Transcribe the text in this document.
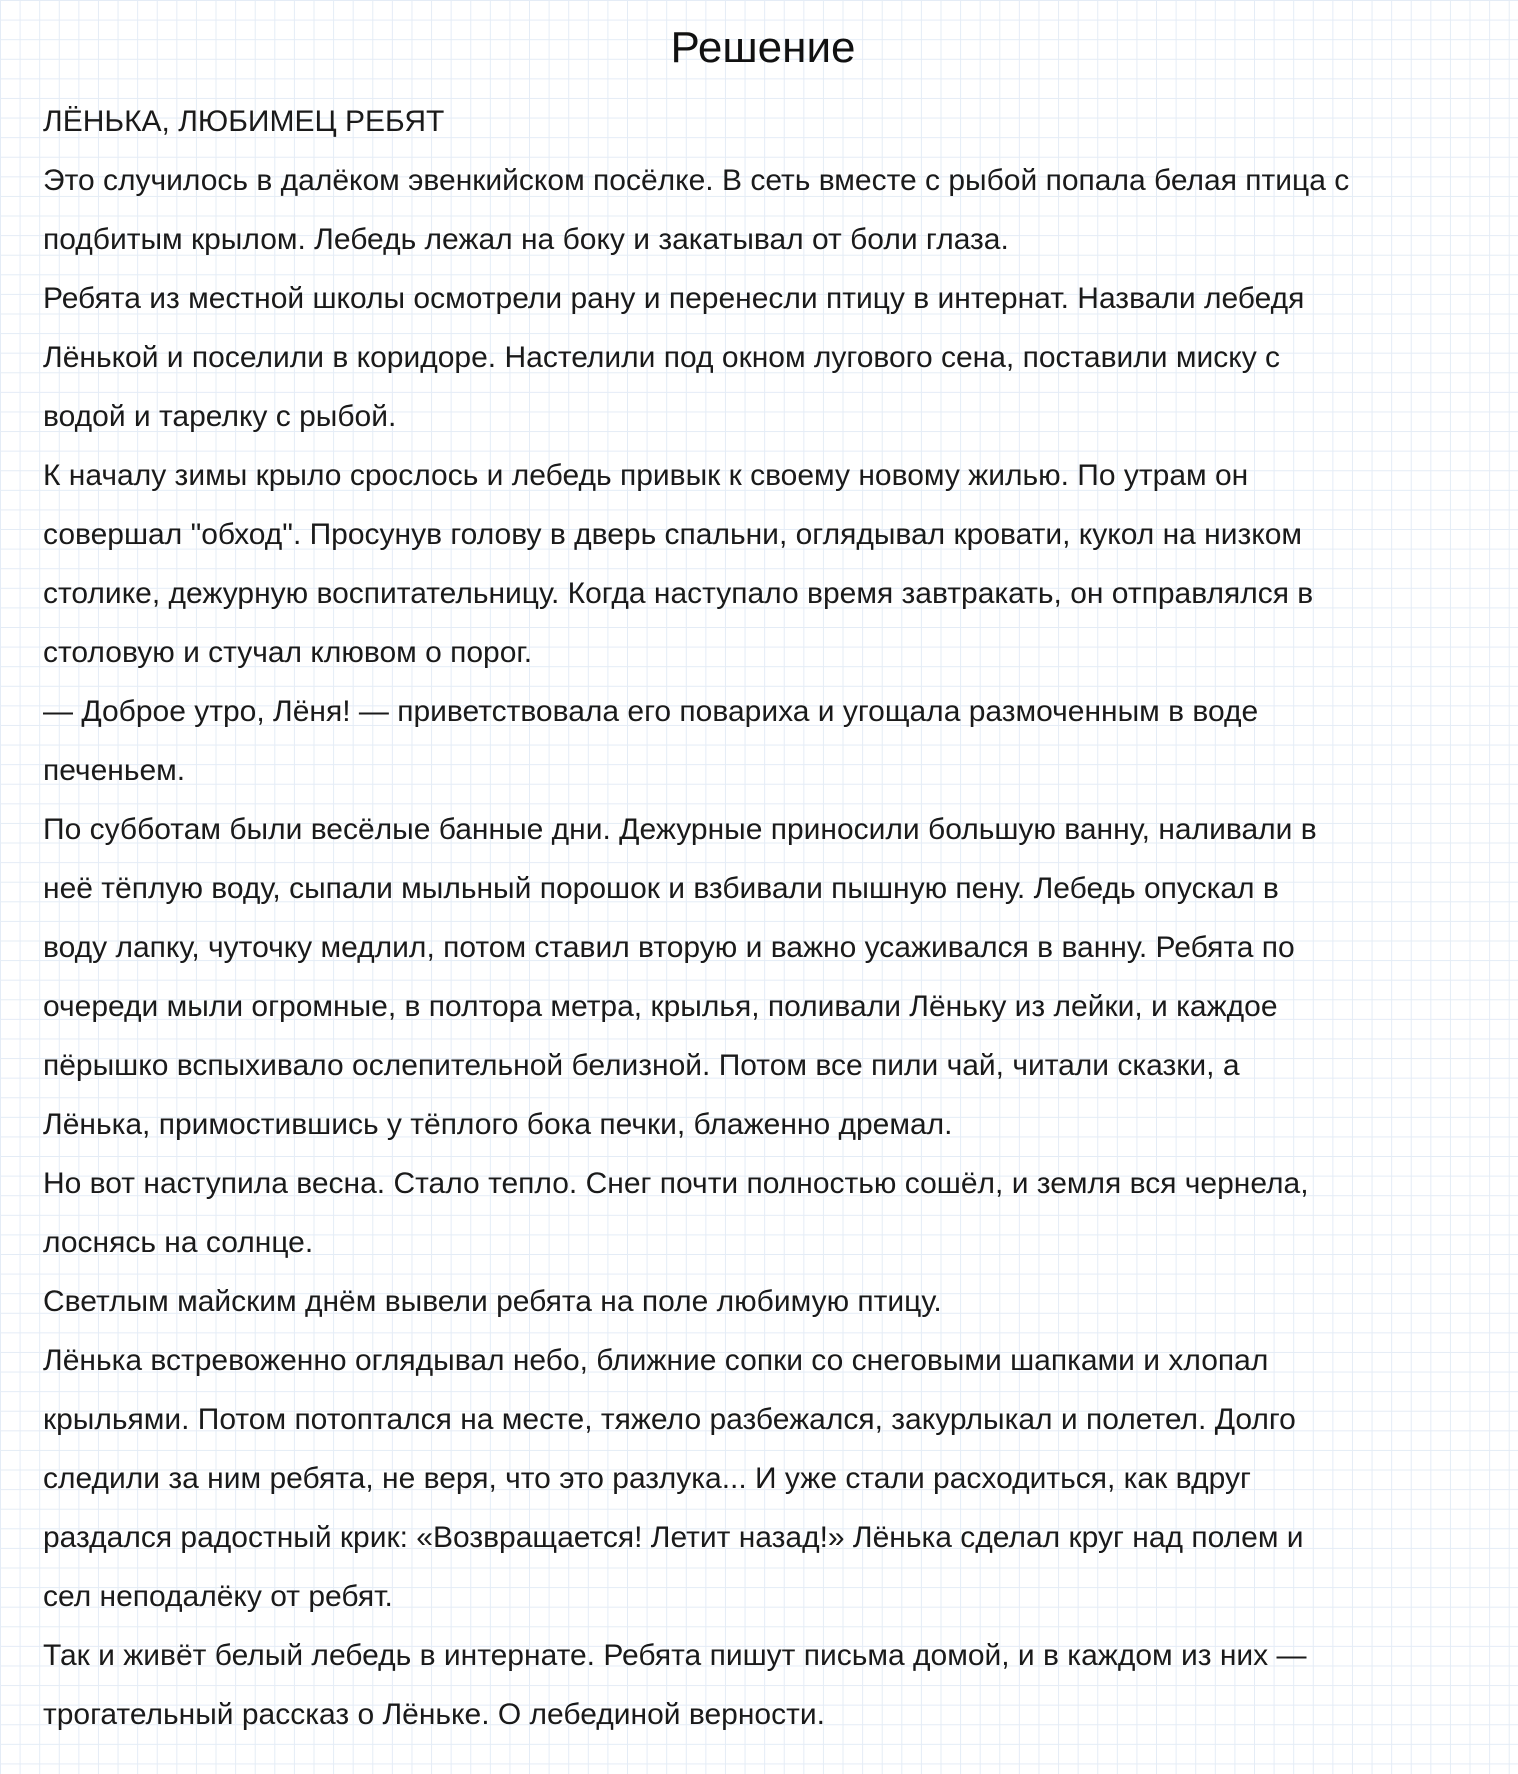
Решение
ЛЁНЬКА, ЛЮБИМЕЦ РЕБЯТ

Это случилось в далёком эвенкийском посёлке. В сеть вместе с рыбой попала белая птица с
подбитым крылом. Лебедь лежал на боку и закатывал от боли глаза.

Ребята из местной школы осмотрели рану и перенесли птицу в интернат. Назвали лебедя
Лёнькой и поселили в коридоре. Настелили под окном лугового сена, поставили миску с
водой и тарелку с рыбой.

К началу зимы крыло срослось и лебедь привык к своему новому жилью. По утрам он
совершал "обход". Просунув голову в дверь спальни, оглядывал кровати, кукол на низком
столике, дежурную воспитательницу. Когда наступало время завтракать, он отправлялся в
столовую и стучал клювом о порог.

— Доброе утро, Лёня! — приветствовала его повариха и угощала размоченным в воде
печеньем.

По субботам были весёлые банные дни. Дежурные приносили большую ванну, наливали в
неё тёплую воду, сыпали мыльный порошок и взбивали пышную пену. Лебедь опускал в
воду лапку, чуточку медлил, потом ставил вторую и важно усаживался в ванну. Ребята по
очереди мыли огромные, в полтора метра, крылья, поливали Лёньку из лейки, и каждое
пёрышко вспыхивало ослепительной белизной. Потом все пили чай, читали сказки, а
Лёнька, примостившись у тёплого бока печки, блаженно дремал.

Но вот наступила весна. Стало тепло. Снег почти полностью сошёл, и земля вся чернела,
лоснясь на солнце.

Светлым майским днём вывели ребята на поле любимую птицу.

Лёнька встревоженно оглядывал небо, ближние сопки со снеговыми шапками и хлопал
крыльями. Потом потоптался на месте, тяжело разбежался, закурлыкал и полетел. Долго
следили за ним ребята, не веря, что это разлука... И уже стали расходиться, как вдруг
раздался радостный крик: «Возвращается! Летит назад!» Лёнька сделал круг над полем и
сел неподалёку от ребят.

Так и живёт белый лебедь в интернате. Ребята пишут письма домой, и в каждом из них —
трогательный рассказ о Лёньке. О лебединой верности.
